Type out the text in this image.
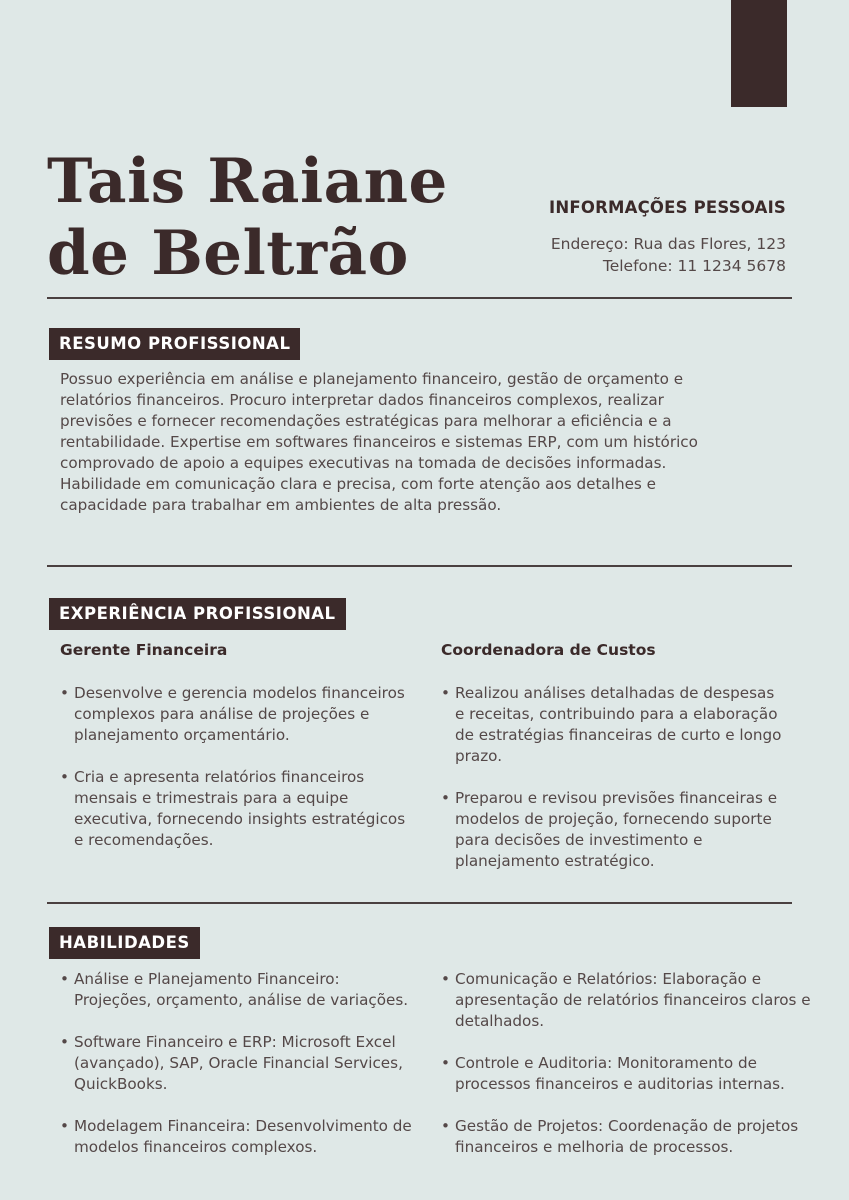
Tais Raiane
de Beltrão

INFORMAÇÕES PESSOAIS

Endereço: Rua das Flores, 123

Telefone: 11 1234 5678

RESUMO PROFISSIONAL

Possuo experiência em análise e planejamento financeiro, gestão de orçamento e relatórios financeiros. Procuro interpretar dados financeiros complexos, realizar previsões e fornecer recomendações estratégicas para melhorar a eficiência e a rentabilidade. Expertise em softwares financeiros e sistemas ERP, com um histórico comprovado de apoio a equipes executivas na tomada de decisões informadas. Habilidade em comunicação clara e precisa, com forte atenção aos detalhes e capacidade para trabalhar em ambientes de alta pressão.

EXPERIÊNCIA PROFISSIONAL

Gerente Financeira

• Desenvolve e gerencia modelos financeiros complexos para análise de projeções e planejamento orçamentário.
• Cria e apresenta relatórios financeiros mensais e trimestrais para a equipe executiva, fornecendo insights estratégicos e recomendações.

Coordenadora de Custos

• Realizou análises detalhadas de despesas e receitas, contribuindo para a elaboração de estratégias financeiras de curto e longo prazo.
• Preparou e revisou previsões financeiras e modelos de projeção, fornecendo suporte para decisões de investimento e planejamento estratégico.
HABILIDADES
• Análise e Planejamento Financeiro: Projeções, orçamento, análise de variações.
• Software Financeiro e ERP: Microsoft Excel (avançado), SAP, Oracle Financial Services, QuickBooks.
• Modelagem Financeira: Desenvolvimento de modelos financeiros complexos.
• Comunicação e Relatórios: Elaboração e apresentação de relatórios financeiros claros e detalhados.
• Controle e Auditoria: Monitoramento de processos financeiros e auditorias internas.
• Gestão de Projetos: Coordenação de projetos financeiros e melhoria de processos.
